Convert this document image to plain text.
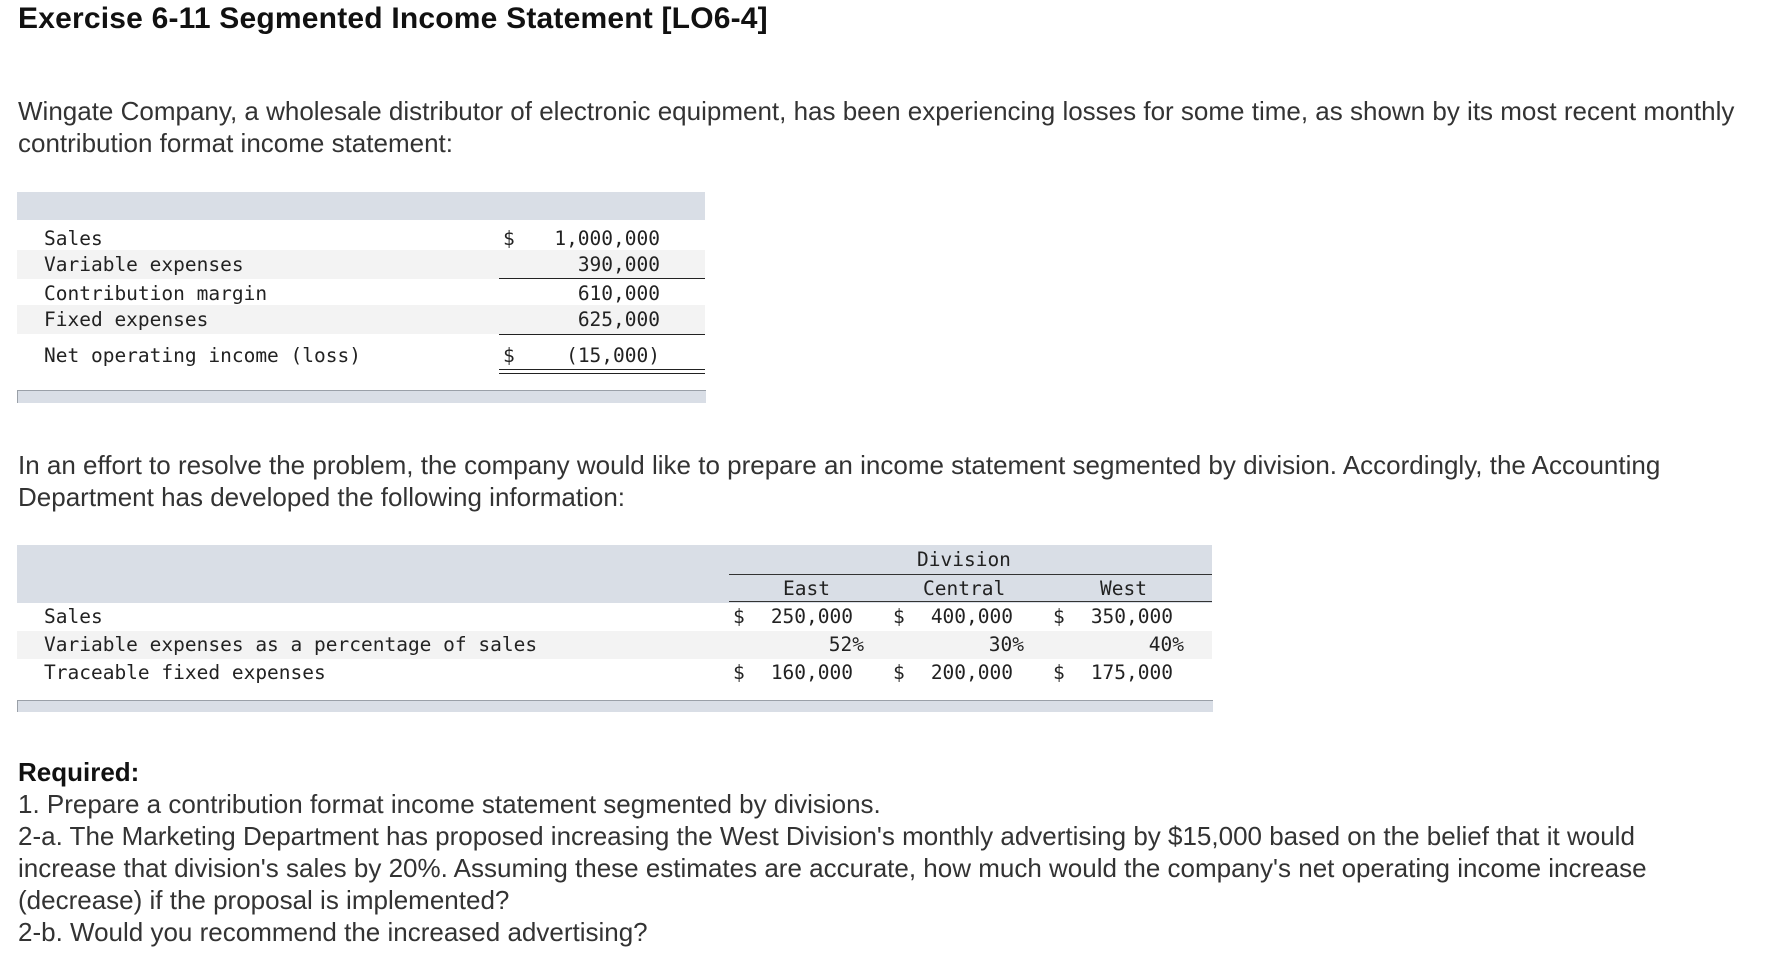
Exercise 6-11 Segmented Income Statement [LO6-4]

Wingate Company, a wholesale distributor of electronic equipment, has been experiencing losses for some time, as shown by its most recent monthly contribution format income statement:

Sales	$ 1,000,000
Variable expenses	390,000
Contribution margin	610,000
Fixed expenses	625,000
Net operating income (loss)	$	(15,000)

In an effort to resolve the problem, the company would like to prepare an income statement segmented by division. Accordingly, the Accounting Department has developed the following information:

Division
East	Central	West
Sales	$ 250,000 $ 400,000 $ 350,000
Variable expenses as a percentage of sales	52%	30%	40%
Traceable fixed expenses	$ 160,000 $ 200,000 $ 175,000
Required:
1. Prepare a contribution format income statement segmented by divisions.
2-a. The Marketing Department has proposed increasing the West Division's monthly advertising by $15,000 based on the belief that it would increase that division's sales by 20%. Assuming these estimates are accurate, how much would the company's net operating income increase (decrease) if the proposal is implemented?
2-b. Would you recommend the increased advertising?
